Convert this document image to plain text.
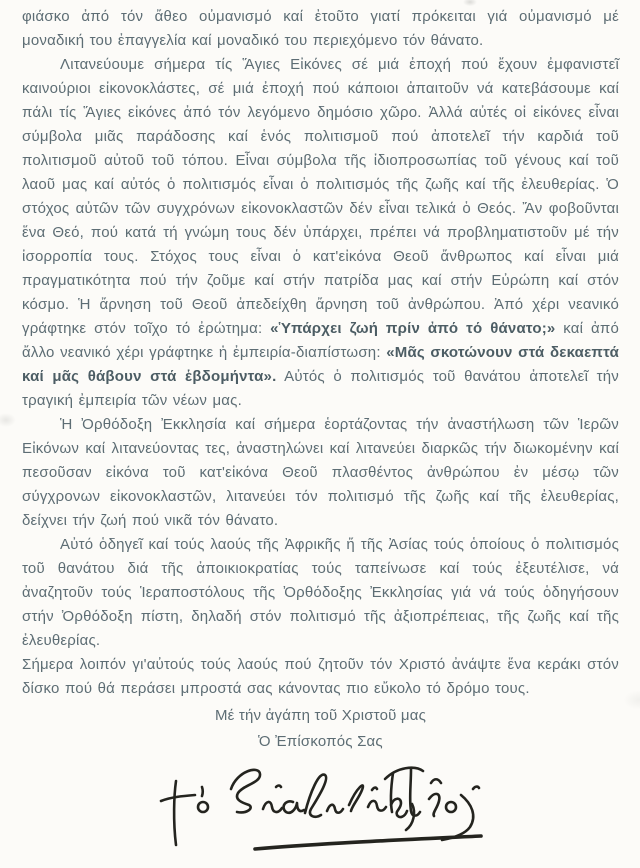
φιάσκο ἀπό τόν ἄθεο οὐμανισμό καί ἐτοῦτο γιατί πρόκειται γιά οὐμανισμό μέ μοναδική του ἐπαγγελία καί μοναδικό του περιεχόμενο τόν θάνατο.

Λιτανεύουμε σήμερα τίς Ἅγιες Εἰκόνες σέ μιά ἐποχή πού ἔχουν ἐμφανιστεῖ καινούριοι εἰκονοκλάστες, σέ μιά ἐποχή πού κάποιοι ἀπαιτοῦν νά κατεβάσουμε καί πάλι τίς Ἅγιες εἰκόνες ἀπό τόν λεγόμενο δημόσιο χῶρο. Ἀλλά αὐτές οἱ εἰκόνες εἶναι σύμβολα μιᾶς παράδοσης καί ἑνός πολιτισμοῦ πού ἀποτελεῖ τήν καρδιά τοῦ πολιτισμοῦ αὐτοῦ τοῦ τόπου. Εἶναι σύμβολα τῆς ἰδιοπροσωπίας τοῦ γένους καί τοῦ λαοῦ μας καί αὐτός ὁ πολιτισμός εἶναι ὁ πολιτισμός τῆς ζωῆς καί τῆς ἐλευθερίας. Ὁ στόχος αὐτῶν τῶν συγχρόνων εἰκονοκλαστῶν δέν εἶναι τελικά ὁ Θεός. Ἄν φοβοῦνται ἕνα Θεό, πού κατά τή γνώμη τους δέν ὑπάρχει, πρέπει νά προβληματιστοῦν μέ τήν ἰσορροπία τους. Στόχος τους εἶναι ὁ κατ'εἰκόνα Θεοῦ ἄνθρωπος καί εἶναι μιά πραγματικότητα πού τήν ζοῦμε καί στήν πατρίδα μας καί στήν Εὐρώπη καί στόν κόσμο. Ἡ ἄρνηση τοῦ Θεοῦ ἀπεδείχθη ἄρνηση τοῦ ἀνθρώπου. Ἀπό χέρι νεανικό γράφτηκε στόν τοῖχο τό ἐρώτημα: «Ὑπάρχει ζωή πρίν ἀπό τό θάνατο;» καί ἀπό ἄλλο νεανικό χέρι γράφτηκε ἡ ἐμπειρία-διαπίστωση: «Μᾶς σκοτώνουν στά δεκαεπτά καί μᾶς θάβουν στά ἑβδομήντα». Αὐτός ὁ πολιτισμός τοῦ θανάτου ἀποτελεῖ τήν τραγική ἐμπειρία τῶν νέων μας.

Ἡ Ὀρθόδοξη Ἐκκλησία καί σήμερα ἑορτάζοντας τήν ἀναστήλωση τῶν Ἱερῶν Εἰκόνων καί λιτανεύοντας τες, ἀναστηλώνει καί λιτανεύει διαρκῶς τήν διωκομένην καί πεσοῦσαν εἰκόνα τοῦ κατ'εἰκόνα Θεοῦ πλασθέντος ἀνθρώπου ἐν μέσῳ τῶν σύγχρονων εἰκονοκλαστῶν, λιτανεύει τόν πολιτισμό τῆς ζωῆς καί τῆς ἐλευθερίας, δείχνει τήν ζωή πού νικᾶ τόν θάνατο.

Αὐτό ὁδηγεῖ καί τούς λαούς τῆς Ἀφρικῆς ἤ τῆς Ἀσίας τούς ὁποίους ὁ πολιτισμός τοῦ θανάτου διά τῆς ἀποικιοκρατίας τούς ταπείνωσε καί τούς ἐξευτέλισε, νά ἀναζητοῦν τούς Ἱεραποστόλους τῆς Ὀρθόδοξης Ἐκκλησίας γιά νά τούς ὁδηγήσουν στήν Ὀρθόδοξη πίστη, δηλαδή στόν πολιτισμό τῆς ἀξιοπρέπειας, τῆς ζωῆς καί τῆς ἐλευθερίας.

Σήμερα λοιπόν γι'αὐτούς τούς λαούς πού ζητοῦν τόν Χριστό ἀνάψτε ἕνα κεράκι στόν δίσκο πού θά περάσει μπροστά σας κάνοντας πιο εὔκολο τό δρόμο τους.

Μέ τήν ἀγάπη τοῦ Χριστοῦ μας
Ὁ Ἐπίσκοπός Σας
